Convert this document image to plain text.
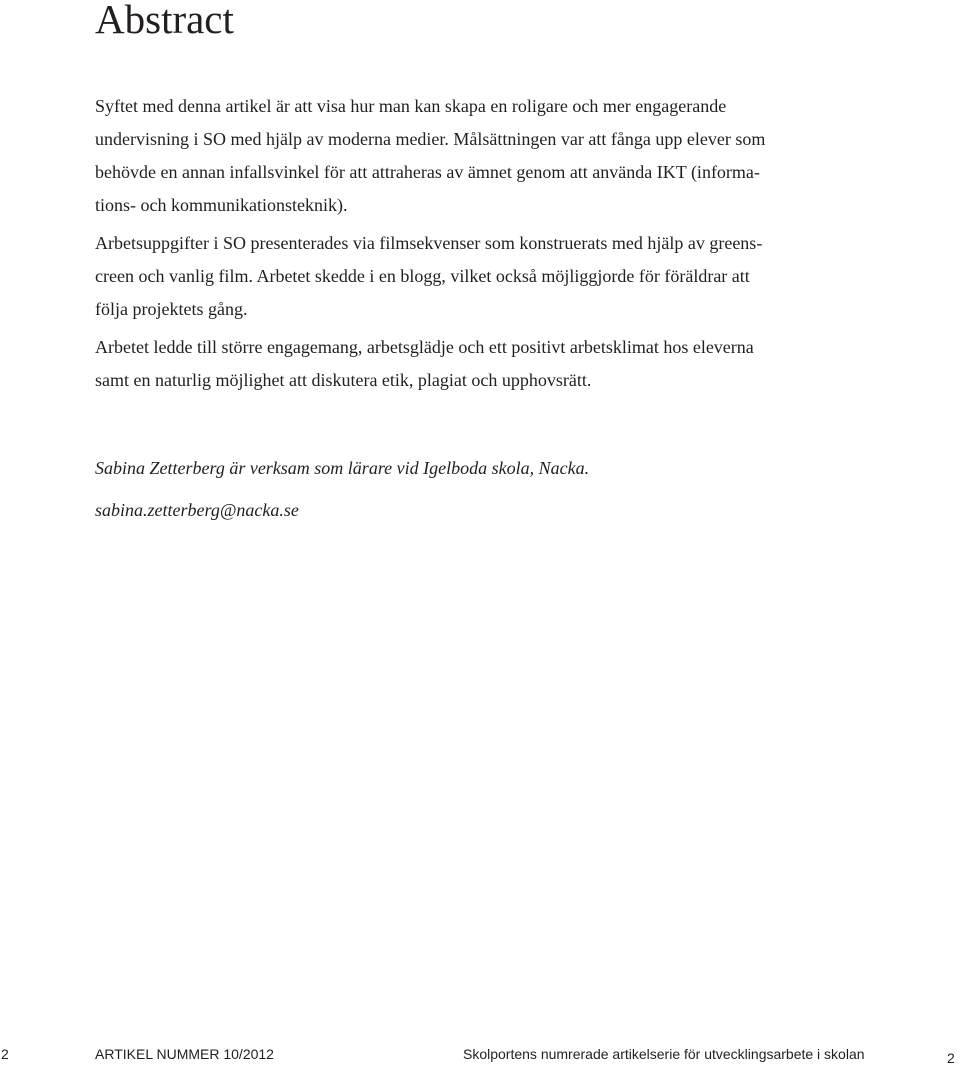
Abstract

Syftet med denna artikel är att visa hur man kan skapa en roligare och mer engagerande
undervisning i SO med hjälp av moderna medier. Målsättningen var att fånga upp elever som
behövde en annan infallsvinkel för att attraheras av ämnet genom att använda IKT (informa-
tions- och kommunikationsteknik).

Arbetsuppgifter i SO presenterades via filmsekvenser som konstruerats med hjälp av greens-
creen och vanlig film. Arbetet skedde i en blogg, vilket också möjliggjorde för föräldrar att
följa projektets gång.

Arbetet ledde till större engagemang, arbetsglädje och ett positivt arbetsklimat hos eleverna
samt en naturlig möjlighet att diskutera etik, plagiat och upphovsrätt.

Sabina Zetterberg är verksam som lärare vid Igelboda skola, Nacka.

sabina.zetterberg@nacka.se

2	ARTIKEL NUMMER 10/2012	Skolportens numrerade artikelserie för utvecklingsarbete i skolan	2
